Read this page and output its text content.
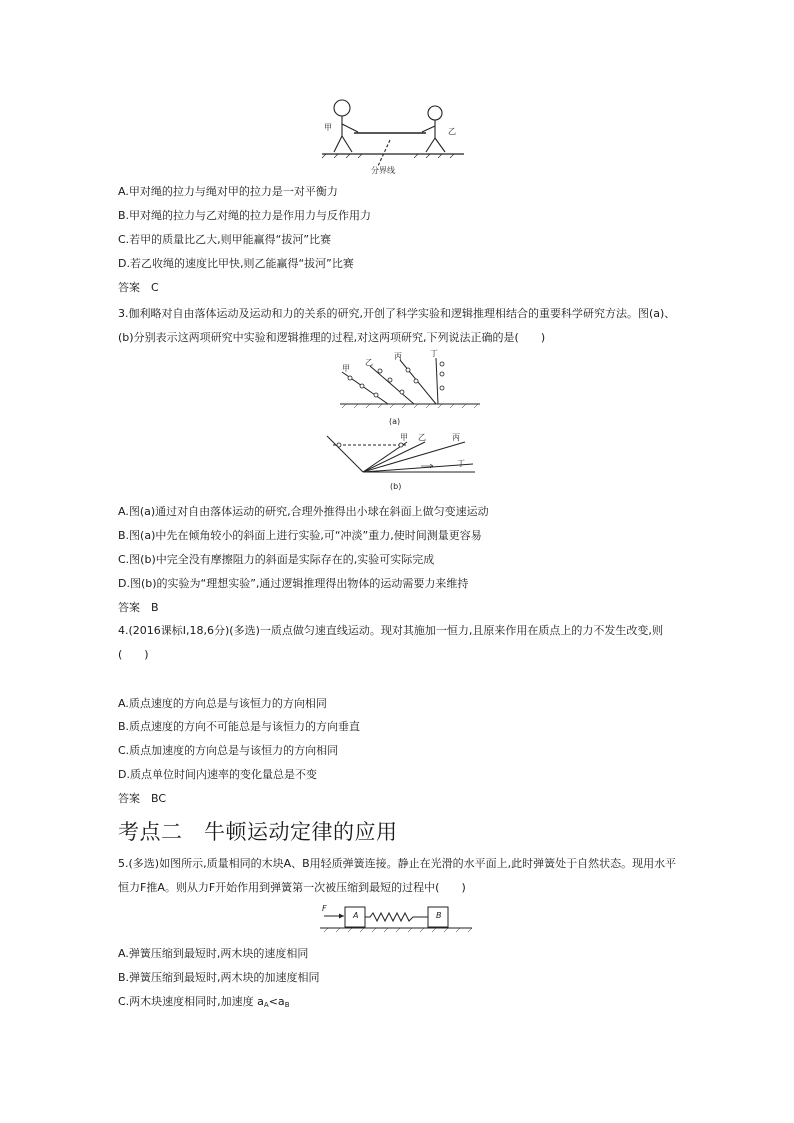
甲	乙
分界线
A.甲对绳的拉力与绳对甲的拉力是一对平衡力
B.甲对绳的拉力与乙对绳的拉力是作用力与反作用力
C.若甲的质量比乙大,则甲能赢得“拔河”比赛
D.若乙收绳的速度比甲快,则乙能赢得“拔河”比赛
答案　C
3.伽利略对自由落体运动及运动和力的关系的研究,开创了科学实验和逻辑推理相结合的重要科学研究方法。图(a)、(b)分别表示这两项研究中实验和逻辑推理的过程,对这两项研究,下列说法正确的是(　　)
甲
乙
丙	丁
(a)
甲 乙	丙
丁
(b)
A.图(a)通过对自由落体运动的研究,合理外推得出小球在斜面上做匀变速运动
B.图(a)中先在倾角较小的斜面上进行实验,可“冲淡”重力,使时间测量更容易
C.图(b)中完全没有摩擦阻力的斜面是实际存在的,实验可实际完成
D.图(b)的实验为“理想实验”,通过逻辑推理得出物体的运动需要力来维持
答案　B
4.(2016课标Ⅰ,18,6分)(多选)一质点做匀速直线运动。现对其施加一恒力,且原来作用在质点上的力不发生改变,则(　　)
A.质点速度的方向总是与该恒力的方向相同
B.质点速度的方向不可能总是与该恒力的方向垂直
C.质点加速度的方向总是与该恒力的方向相同
D.质点单位时间内速率的变化量总是不变
答案　BC
考点二　牛顿运动定律的应用
5.(多选)如图所示,质量相同的木块A、B用轻质弹簧连接。静止在光滑的水平面上,此时弹簧处于自然状态。现用水平恒力F推A。则从力F开始作用到弹簧第一次被压缩到最短的过程中(　　)
F
A	B
A.弹簧压缩到最短时,两木块的速度相同
B.弹簧压缩到最短时,两木块的加速度相同
C.两木块速度相同时,加速度 $a_A<a_B$
